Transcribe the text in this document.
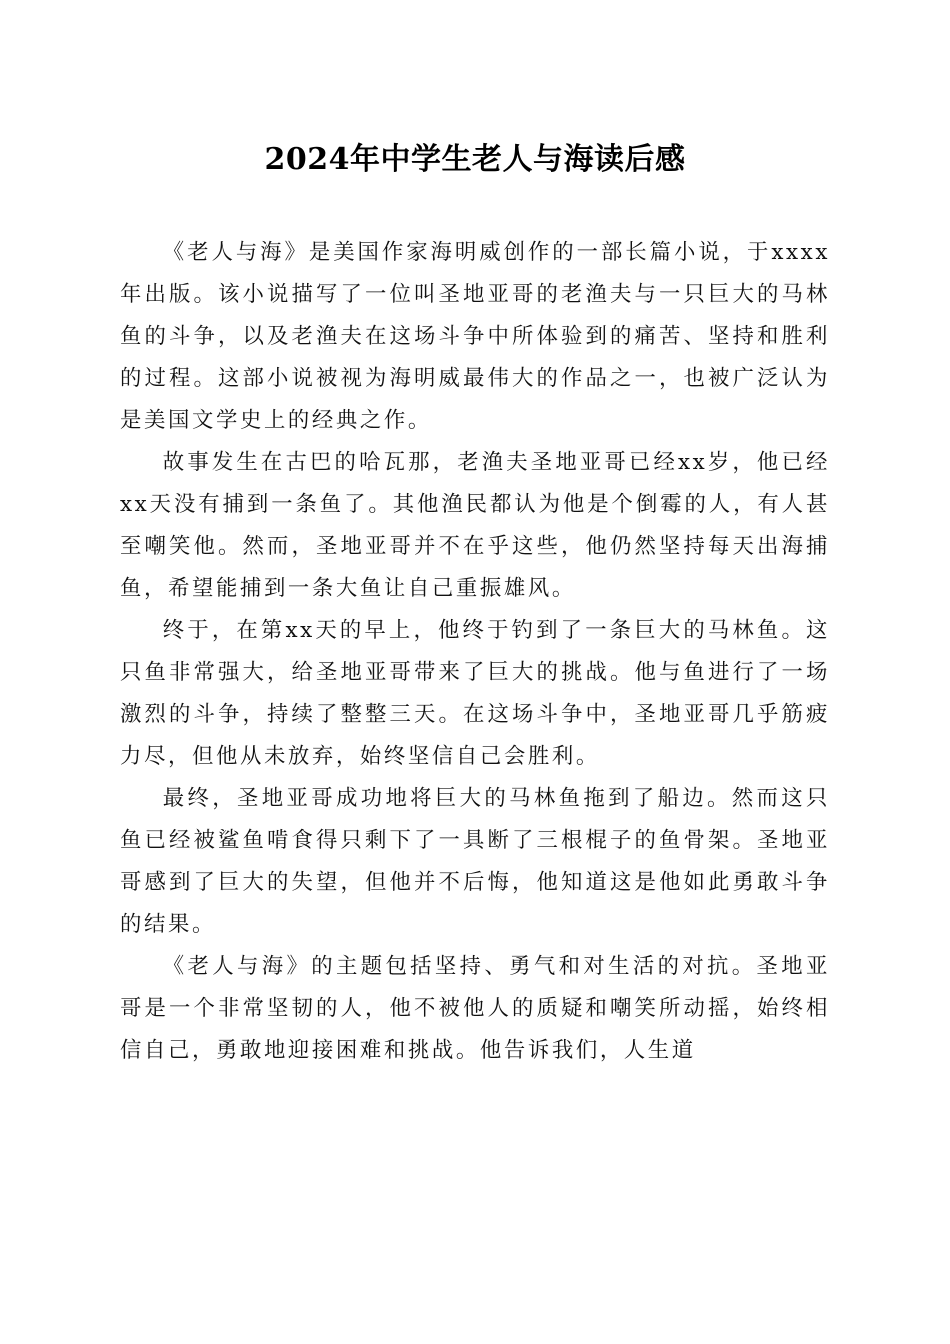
2024年中学生老人与海读后感

《老人与海》是美国作家海明威创作的一部长篇小说，于xxxx年出版。该小说描写了一位叫圣地亚哥的老渔夫与一只巨大的马林鱼的斗争，以及老渔夫在这场斗争中所体验到的痛苦、坚持和胜利的过程。这部小说被视为海明威最伟大的作品之一，也被广泛认为是美国文学史上的经典之作。

故事发生在古巴的哈瓦那，老渔夫圣地亚哥已经xx岁，他已经xx天没有捕到一条鱼了。其他渔民都认为他是个倒霉的人，有人甚至嘲笑他。然而，圣地亚哥并不在乎这些，他仍然坚持每天出海捕鱼，希望能捕到一条大鱼让自己重振雄风。

终于，在第xx天的早上，他终于钓到了一条巨大的马林鱼。这只鱼非常强大，给圣地亚哥带来了巨大的挑战。他与鱼进行了一场激烈的斗争，持续了整整三天。在这场斗争中，圣地亚哥几乎筋疲力尽，但他从未放弃，始终坚信自己会胜利。

最终，圣地亚哥成功地将巨大的马林鱼拖到了船边。然而这只鱼已经被鲨鱼啃食得只剩下了一具断了三根棍子的鱼骨架。圣地亚哥感到了巨大的失望，但他并不后悔，他知道这是他如此勇敢斗争的结果。

《老人与海》的主题包括坚持、勇气和对生活的对抗。圣地亚哥是一个非常坚韧的人，他不被他人的质疑和嘲笑所动摇，始终相信自己，勇敢地迎接困难和挑战。他告诉我们，人生道
